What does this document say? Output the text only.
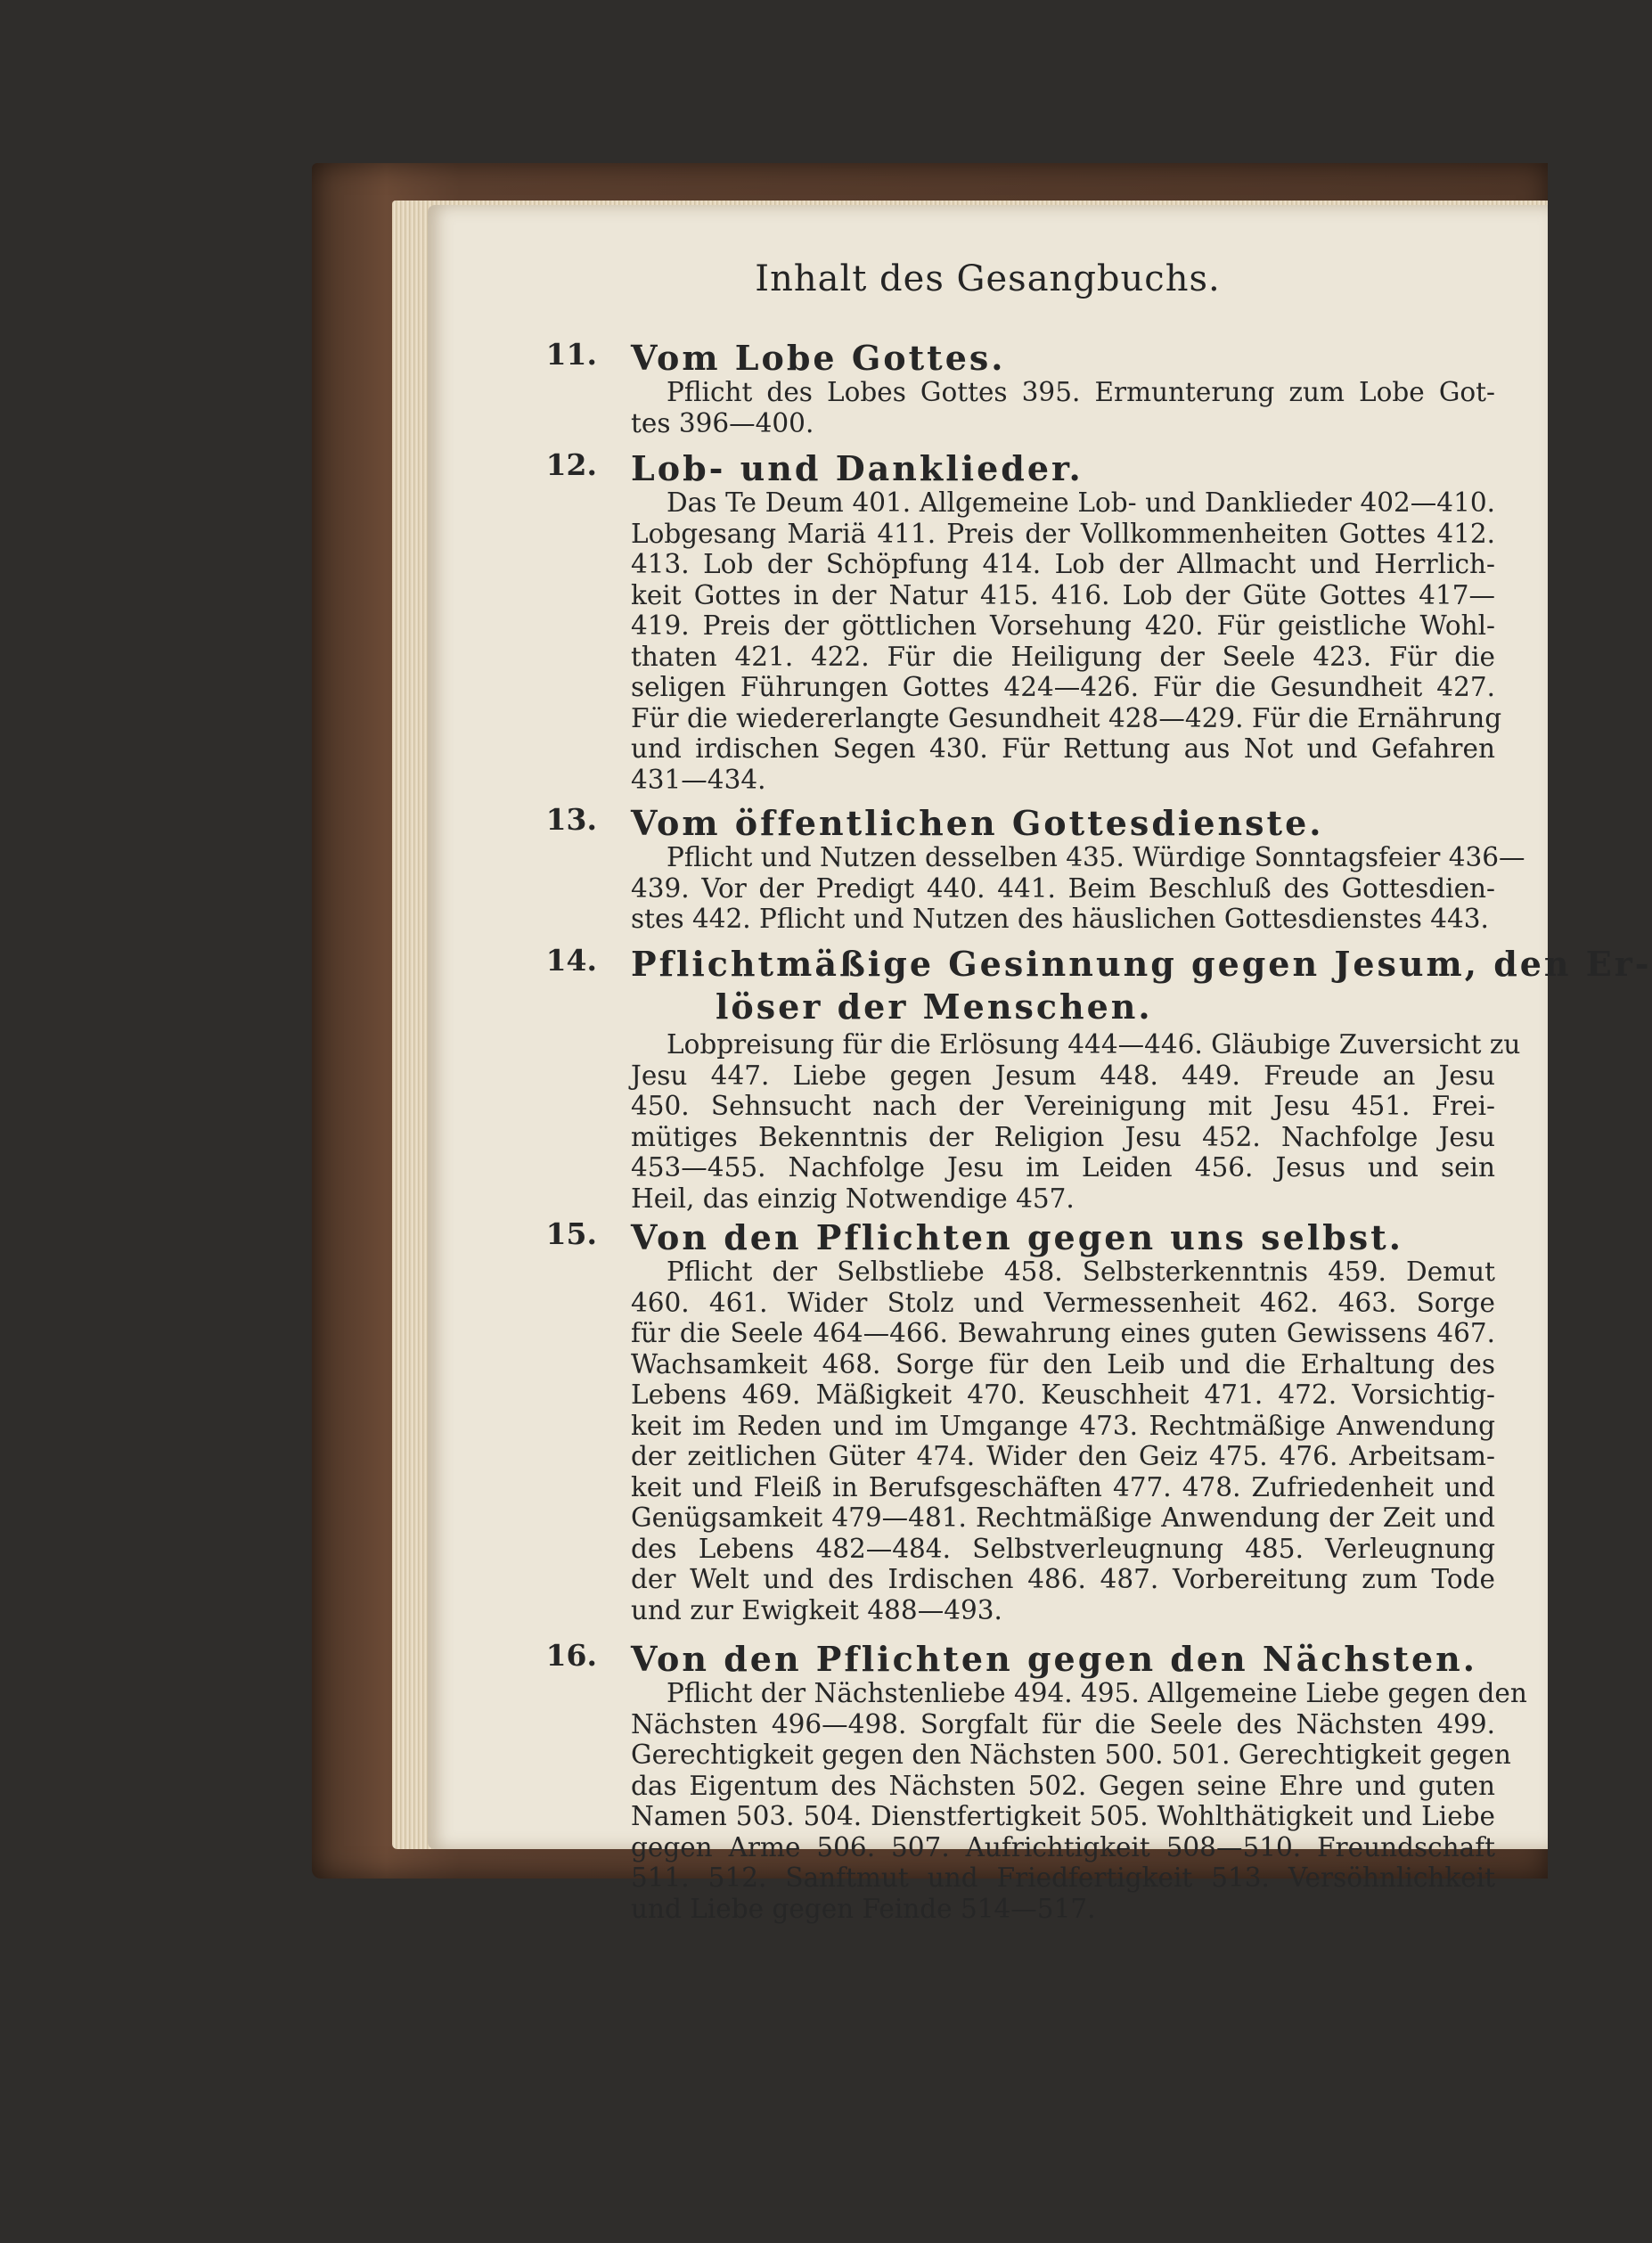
Inhalt des Gesangbuchs.
11. Vom Lobe Gottes.
Pflicht des Lobes Gottes 395. Ermunterung zum Lobe Got-
tes 396—400.
12. Lob- und Danklieder.
Das Te Deum 401. Allgemeine Lob- und Danklieder 402—410.
Lobgesang Mariä 411. Preis der Vollkommenheiten Gottes 412.
413. Lob der Schöpfung 414. Lob der Allmacht und Herrlich-
keit Gottes in der Natur 415. 416. Lob der Güte Gottes 417—
419. Preis der göttlichen Vorsehung 420. Für geistliche Wohl-
thaten 421. 422. Für die Heiligung der Seele 423. Für die
seligen Führungen Gottes 424—426. Für die Gesundheit 427.
Für die wiedererlangte Gesundheit 428—429. Für die Ernährung
und irdischen Segen 430. Für Rettung aus Not und Gefahren
431—434.
13. Vom öffentlichen Gottesdienste.
Pflicht und Nutzen desselben 435. Würdige Sonntagsfeier 436—
439. Vor der Predigt 440. 441. Beim Beschluß des Gottesdien-
stes 442. Pflicht und Nutzen des häuslichen Gottesdienstes 443.
14. Pflichtmäßige Gesinnung gegen Jesum, den Er-
löser der Menschen.
Lobpreisung für die Erlösung 444—446. Gläubige Zuversicht zu
Jesu 447. Liebe gegen Jesum 448. 449. Freude an Jesu
450. Sehnsucht nach der Vereinigung mit Jesu 451. Frei-
mütiges Bekenntnis der Religion Jesu 452. Nachfolge Jesu
453—455. Nachfolge Jesu im Leiden 456. Jesus und sein
Heil, das einzig Notwendige 457.
15. Von den Pflichten gegen uns selbst.
Pflicht der Selbstliebe 458. Selbsterkenntnis 459. Demut
460. 461. Wider Stolz und Vermessenheit 462. 463. Sorge
für die Seele 464—466. Bewahrung eines guten Gewissens 467.
Wachsamkeit 468. Sorge für den Leib und die Erhaltung des
Lebens 469. Mäßigkeit 470. Keuschheit 471. 472. Vorsichtig-
keit im Reden und im Umgange 473. Rechtmäßige Anwendung
der zeitlichen Güter 474. Wider den Geiz 475. 476. Arbeitsam-
keit und Fleiß in Berufsgeschäften 477. 478. Zufriedenheit und
Genügsamkeit 479—481. Rechtmäßige Anwendung der Zeit und
des Lebens 482—484. Selbstverleugnung 485. Verleugnung
der Welt und des Irdischen 486. 487. Vorbereitung zum Tode
und zur Ewigkeit 488—493.
16. Von den Pflichten gegen den Nächsten.
Pflicht der Nächstenliebe 494. 495. Allgemeine Liebe gegen den
Nächsten 496—498. Sorgfalt für die Seele des Nächsten 499.
Gerechtigkeit gegen den Nächsten 500. 501. Gerechtigkeit gegen
das Eigentum des Nächsten 502. Gegen seine Ehre und guten
Namen 503. 504. Dienstfertigkeit 505. Wohlthätigkeit und Liebe
gegen Arme 506. 507. Aufrichtigkeit 508—510. Freundschaft
511. 512. Sanftmut und Friedfertigkeit 513. Versöhnlichkeit
und Liebe gegen Feinde 514—517.
